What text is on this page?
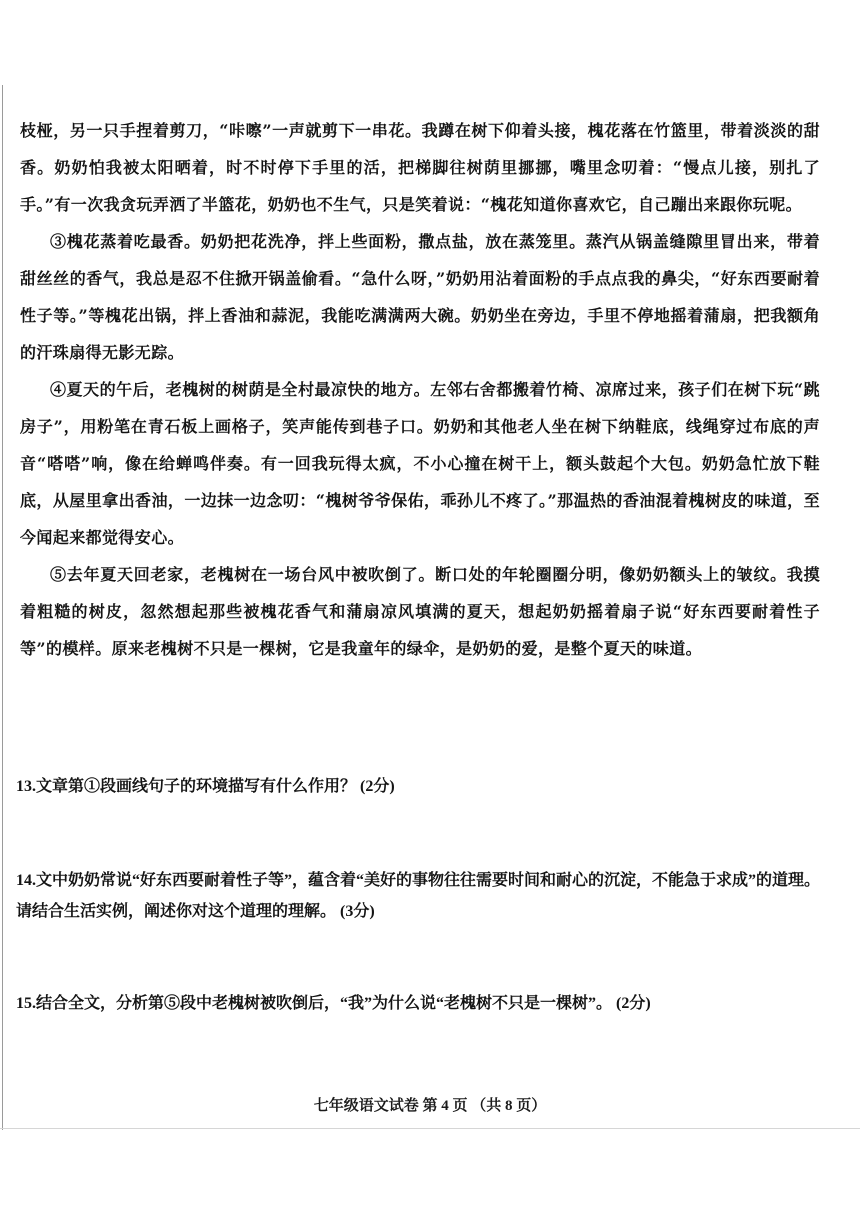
枝桠，另一只手捏着剪刀，“咔嚓”一声就剪下一串花。我蹲在树下仰着头接，槐花落在竹篮里，带着淡淡的甜香。奶奶怕我被太阳晒着，时不时停下手里的活，把梯脚往树荫里挪挪，嘴里念叨着：“慢点儿接，别扎了手。”有一次我贪玩弄洒了半篮花，奶奶也不生气，只是笑着说：“槐花知道你喜欢它，自己蹦出来跟你玩呢。

③槐花蒸着吃最香。奶奶把花洗净，拌上些面粉，撒点盐，放在蒸笼里。蒸汽从锅盖缝隙里冒出来，带着甜丝丝的香气，我总是忍不住掀开锅盖偷看。“急什么呀，”奶奶用沾着面粉的手点点我的鼻尖，“好东西要耐着性子等。”等槐花出锅，拌上香油和蒜泥，我能吃满满两大碗。奶奶坐在旁边，手里不停地摇着蒲扇，把我额角的汗珠扇得无影无踪。

④夏天的午后，老槐树的树荫是全村最凉快的地方。左邻右舍都搬着竹椅、凉席过来，孩子们在树下玩“跳房子”，用粉笔在青石板上画格子，笑声能传到巷子口。奶奶和其他老人坐在树下纳鞋底，线绳穿过布底的声音“嗒嗒”响，像在给蝉鸣伴奏。有一回我玩得太疯，不小心撞在树干上，额头鼓起个大包。奶奶急忙放下鞋底，从屋里拿出香油，一边抹一边念叨：“槐树爷爷保佑，乖孙儿不疼了。”那温热的香油混着槐树皮的味道，至今闻起来都觉得安心。

⑤去年夏天回老家，老槐树在一场台风中被吹倒了。断口处的年轮圈圈分明，像奶奶额头上的皱纹。我摸着粗糙的树皮，忽然想起那些被槐花香气和蒲扇凉风填满的夏天，想起奶奶摇着扇子说“好东西要耐着性子等”的模样。原来老槐树不只是一棵树，它是我童年的绿伞，是奶奶的爱，是整个夏天的味道。

13.文章第①段画线句子的环境描写有什么作用？ (2分)

14.文中奶奶常说“好东西要耐着性子等”，蕴含着“美好的事物往往需要时间和耐心的沉淀，不能急于求成”的道理。请结合生活实例，阐述你对这个道理的理解。 (3分)

15.结合全文，分析第⑤段中老槐树被吹倒后，“我”为什么说“老槐树不只是一棵树”。 (2分)

七年级语文试卷 第 4 页 （共 8 页）
